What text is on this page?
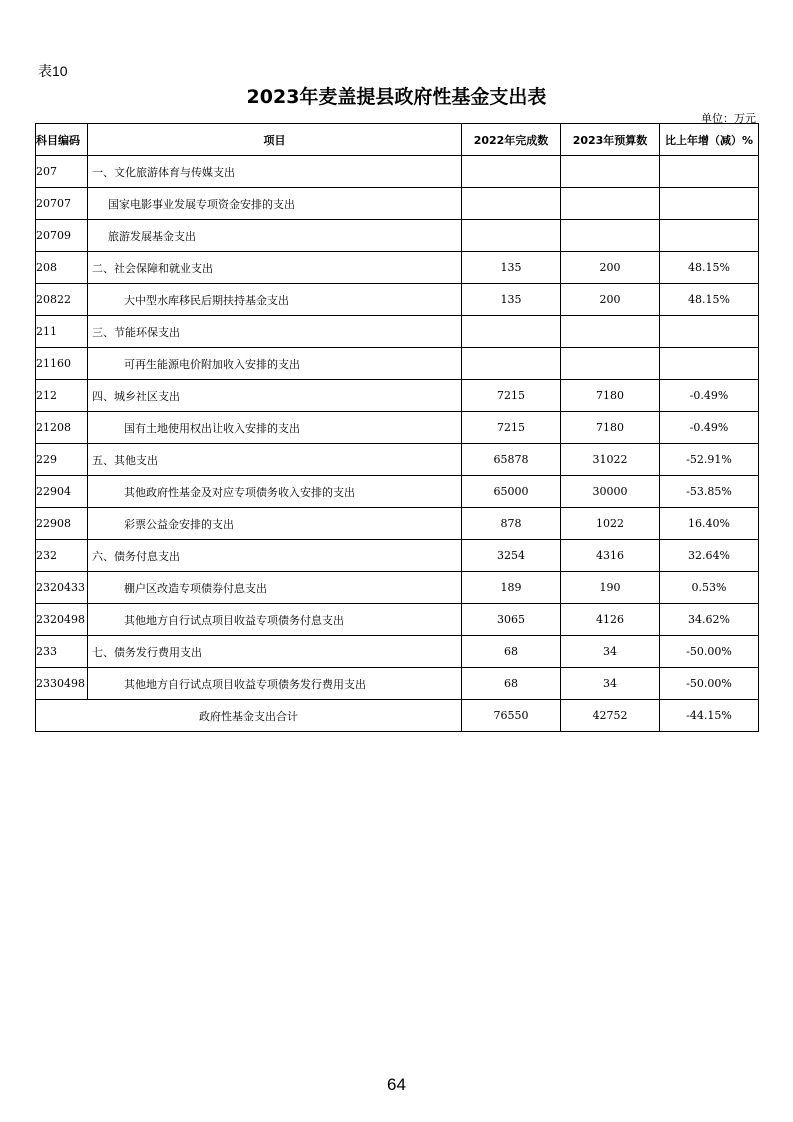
表10
2023年麦盖提县政府性基金支出表
单位：万元
科目编码	项目	2022年完成数	2023年预算数	比上年增（减）%
207	一、文化旅游体育与传媒支出			
20707	国家电影事业发展专项资金安排的支出			
20709	旅游发展基金支出			
208	二、社会保障和就业支出	135	200	48.15%
20822	大中型水库移民后期扶持基金支出	135	200	48.15%
211	三、节能环保支出			
21160	可再生能源电价附加收入安排的支出			
212	四、城乡社区支出	7215	7180	-0.49%
21208	国有土地使用权出让收入安排的支出	7215	7180	-0.49%
229	五、其他支出	65878	31022	-52.91%
22904	其他政府性基金及对应专项债务收入安排的支出	65000	30000	-53.85%
22908	彩票公益金安排的支出	878	1022	16.40%
232	六、债务付息支出	3254	4316	32.64%
2320433	棚户区改造专项债券付息支出	189	190	0.53%
2320498	其他地方自行试点项目收益专项债务付息支出	3065	4126	34.62%
233	七、债务发行费用支出	68	34	-50.00%
2330498	其他地方自行试点项目收益专项债务发行费用支出	68	34	-50.00%
政府性基金支出合计		76550	42752	-44.15%
64
